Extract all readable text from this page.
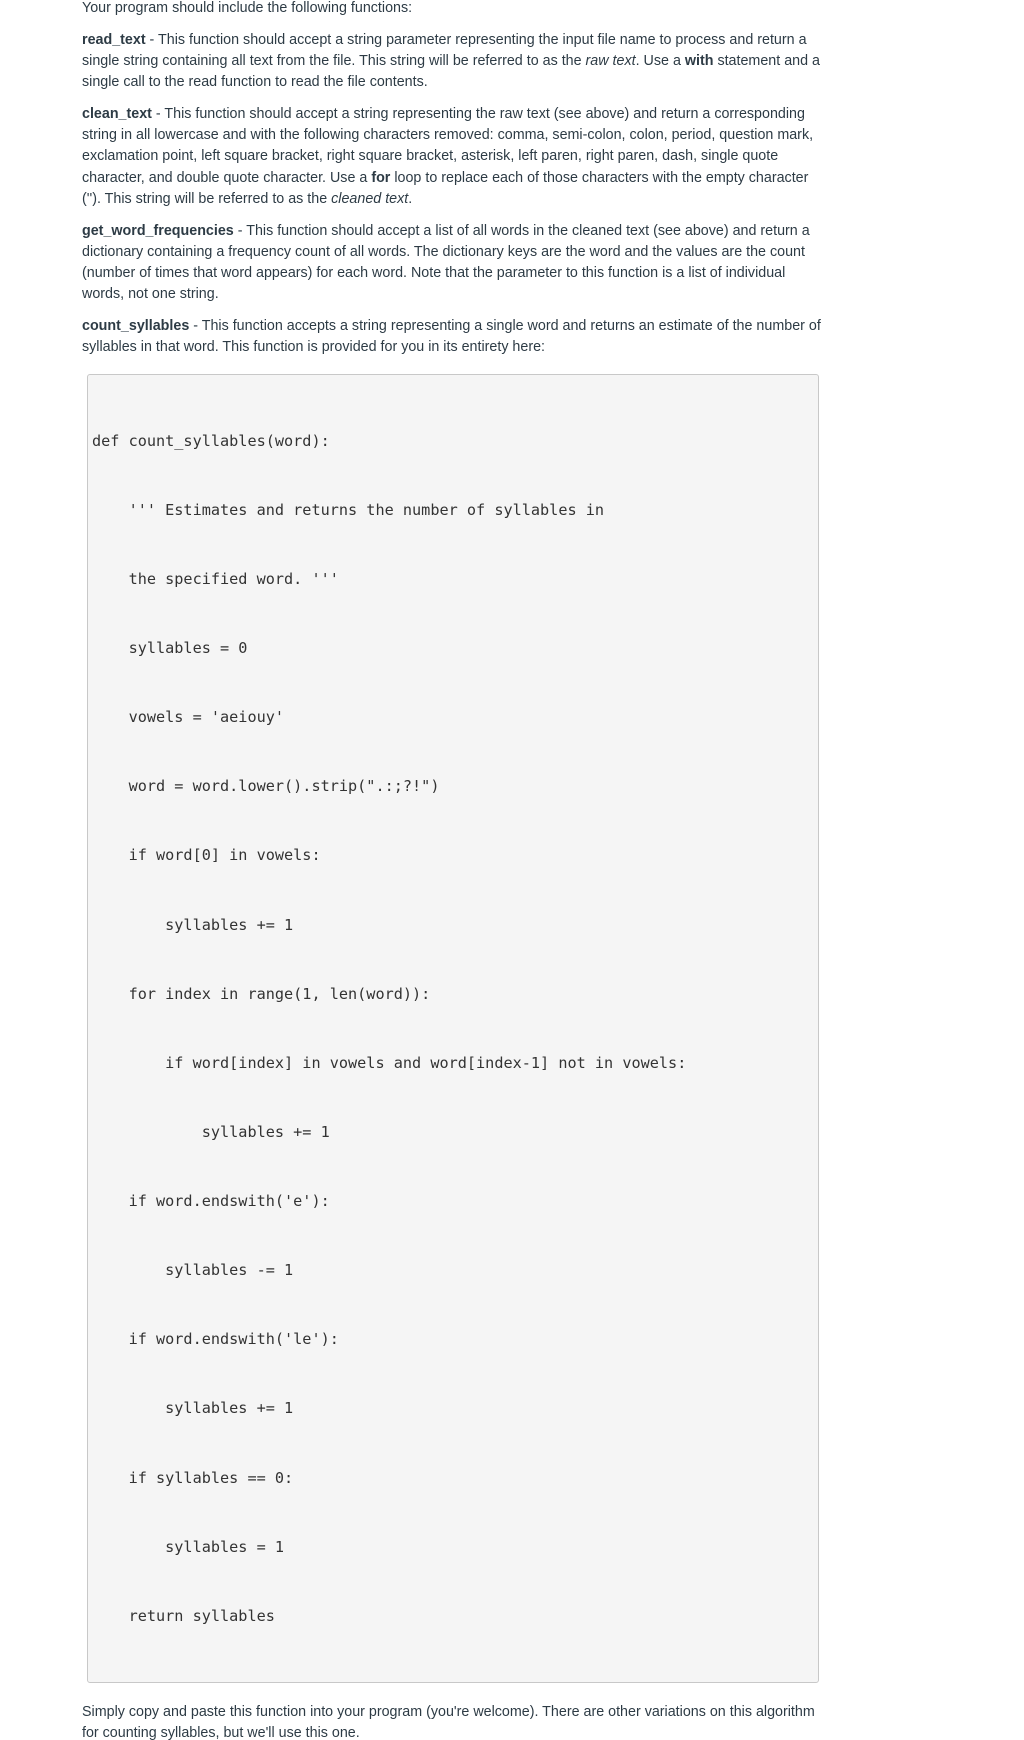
Your program should include the following functions:

read_text - This function should accept a string parameter representing the input file name to process and return a single string containing all text from the file. This string will be referred to as the raw text. Use a with statement and a single call to the read function to read the file contents.

clean_text - This function should accept a string representing the raw text (see above) and return a corresponding string in all lowercase and with the following characters removed: comma, semi-colon, colon, period, question mark, exclamation point, left square bracket, right square bracket, asterisk, left paren, right paren, dash, single quote character, and double quote character. Use a for loop to replace each of those characters with the empty character (''). This string will be referred to as the cleaned text.

get_word_frequencies - This function should accept a list of all words in the cleaned text (see above) and return a dictionary containing a frequency count of all words. The dictionary keys are the word and the values are the count (number of times that word appears) for each word. Note that the parameter to this function is a list of individual words, not one string.

count_syllables - This function accepts a string representing a single word and returns an estimate of the number of syllables in that word. This function is provided for you in its entirety here:

def count_syllables(word):

''' Estimates and returns the number of syllables in

the specified word. '''

syllables = 0

vowels = 'aeiouy'

word = word.lower().strip(".:;?!")

if word[0] in vowels:

syllables += 1

for index in range(1, len(word)):

if word[index] in vowels and word[index-1] not in vowels:

syllables += 1

if word.endswith('e'):

syllables -= 1

if word.endswith('le'):

syllables += 1

if syllables == 0:

syllables = 1

return syllables

Simply copy and paste this function into your program (you're welcome). There are other variations on this algorithm for counting syllables, but we'll use this one.
